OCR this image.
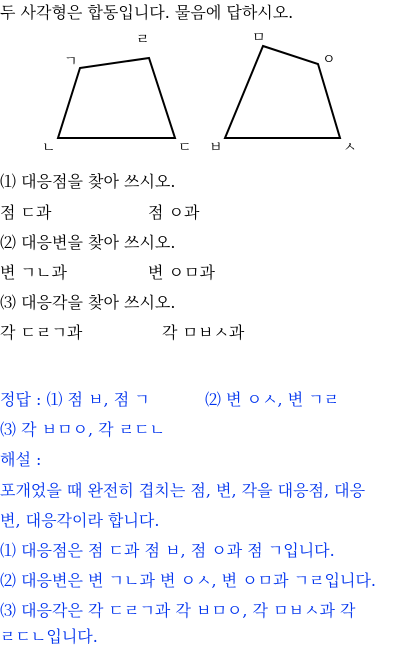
두 사각형은 합동입니다. 물음에 답하시오.
ㄱ
ㄹ
ㄴ	ㄷ
ㅁ
ㅇ
ㅂ	ㅅ
⑴ 대응점을 찾아 쓰시오.
점 ㄷ과	점 ㅇ과
⑵ 대응변을 찾아 쓰시오.
변 ㄱㄴ과	변 ㅇㅁ과
⑶ 대응각을 찾아 쓰시오.
각 ㄷㄹㄱ과	각 ㅁㅂㅅ과
정답 : ⑴ 점 ㅂ, 점 ㄱ	⑵ 변 ㅇㅅ, 변 ㄱㄹ
⑶ 각 ㅂㅁㅇ, 각 ㄹㄷㄴ
해설 :
포개었을 때 완전히 겹치는 점, 변, 각을 대응점, 대응
변, 대응각이라 합니다.
⑴ 대응점은 점 ㄷ과 점 ㅂ, 점 ㅇ과 점 ㄱ입니다.
⑵ 대응변은 변 ㄱㄴ과 변 ㅇㅅ, 변 ㅇㅁ과 ㄱㄹ입니다.
⑶ 대응각은 각 ㄷㄹㄱ과 각 ㅂㅁㅇ, 각 ㅁㅂㅅ과 각
ㄹㄷㄴ입니다.
